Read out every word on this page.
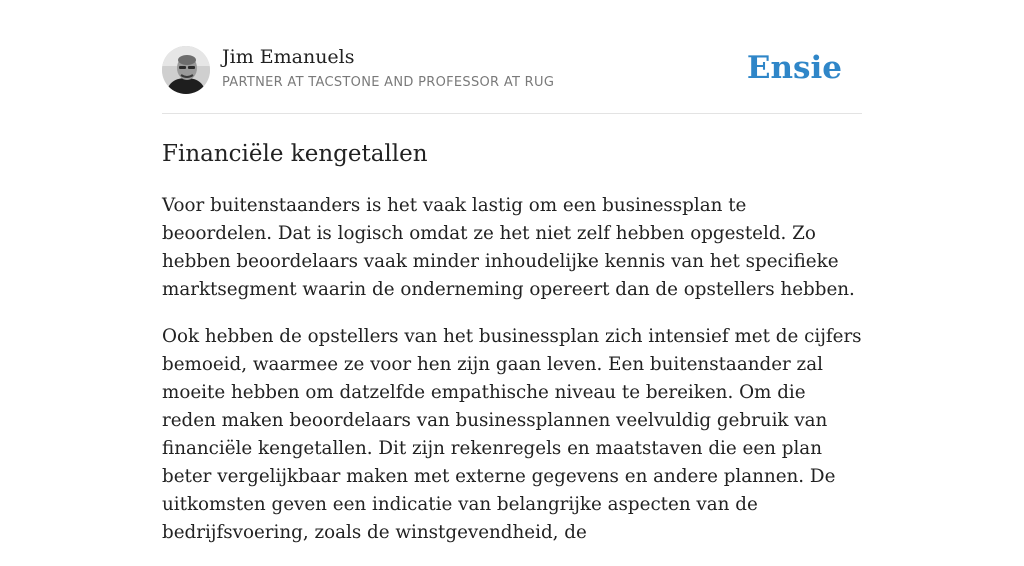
Jim Emanuels
PARTNER AT TACSTONE AND PROFESSOR AT RUG	Ensie
Financiële kengetallen

Voor buitenstaanders is het vaak lastig om een businessplan te beoordelen. Dat is logisch omdat ze het niet zelf hebben opgesteld. Zo hebben beoordelaars vaak minder inhoudelijke kennis van het specifieke marktsegment waarin de onderneming opereert dan de opstellers hebben.

Ook hebben de opstellers van het businessplan zich intensief met de cijfers bemoeid, waarmee ze voor hen zijn gaan leven. Een buitenstaander zal moeite hebben om datzelfde empathische niveau te bereiken. Om die reden maken beoordelaars van businessplannen veelvuldig gebruik van financiële kengetallen. Dit zijn rekenregels en maatstaven die een plan beter vergelijkbaar maken met externe gegevens en andere plannen. De uitkomsten geven een indicatie van belangrijke aspecten van de bedrijfsvoering, zoals de winstgevendheid, de
